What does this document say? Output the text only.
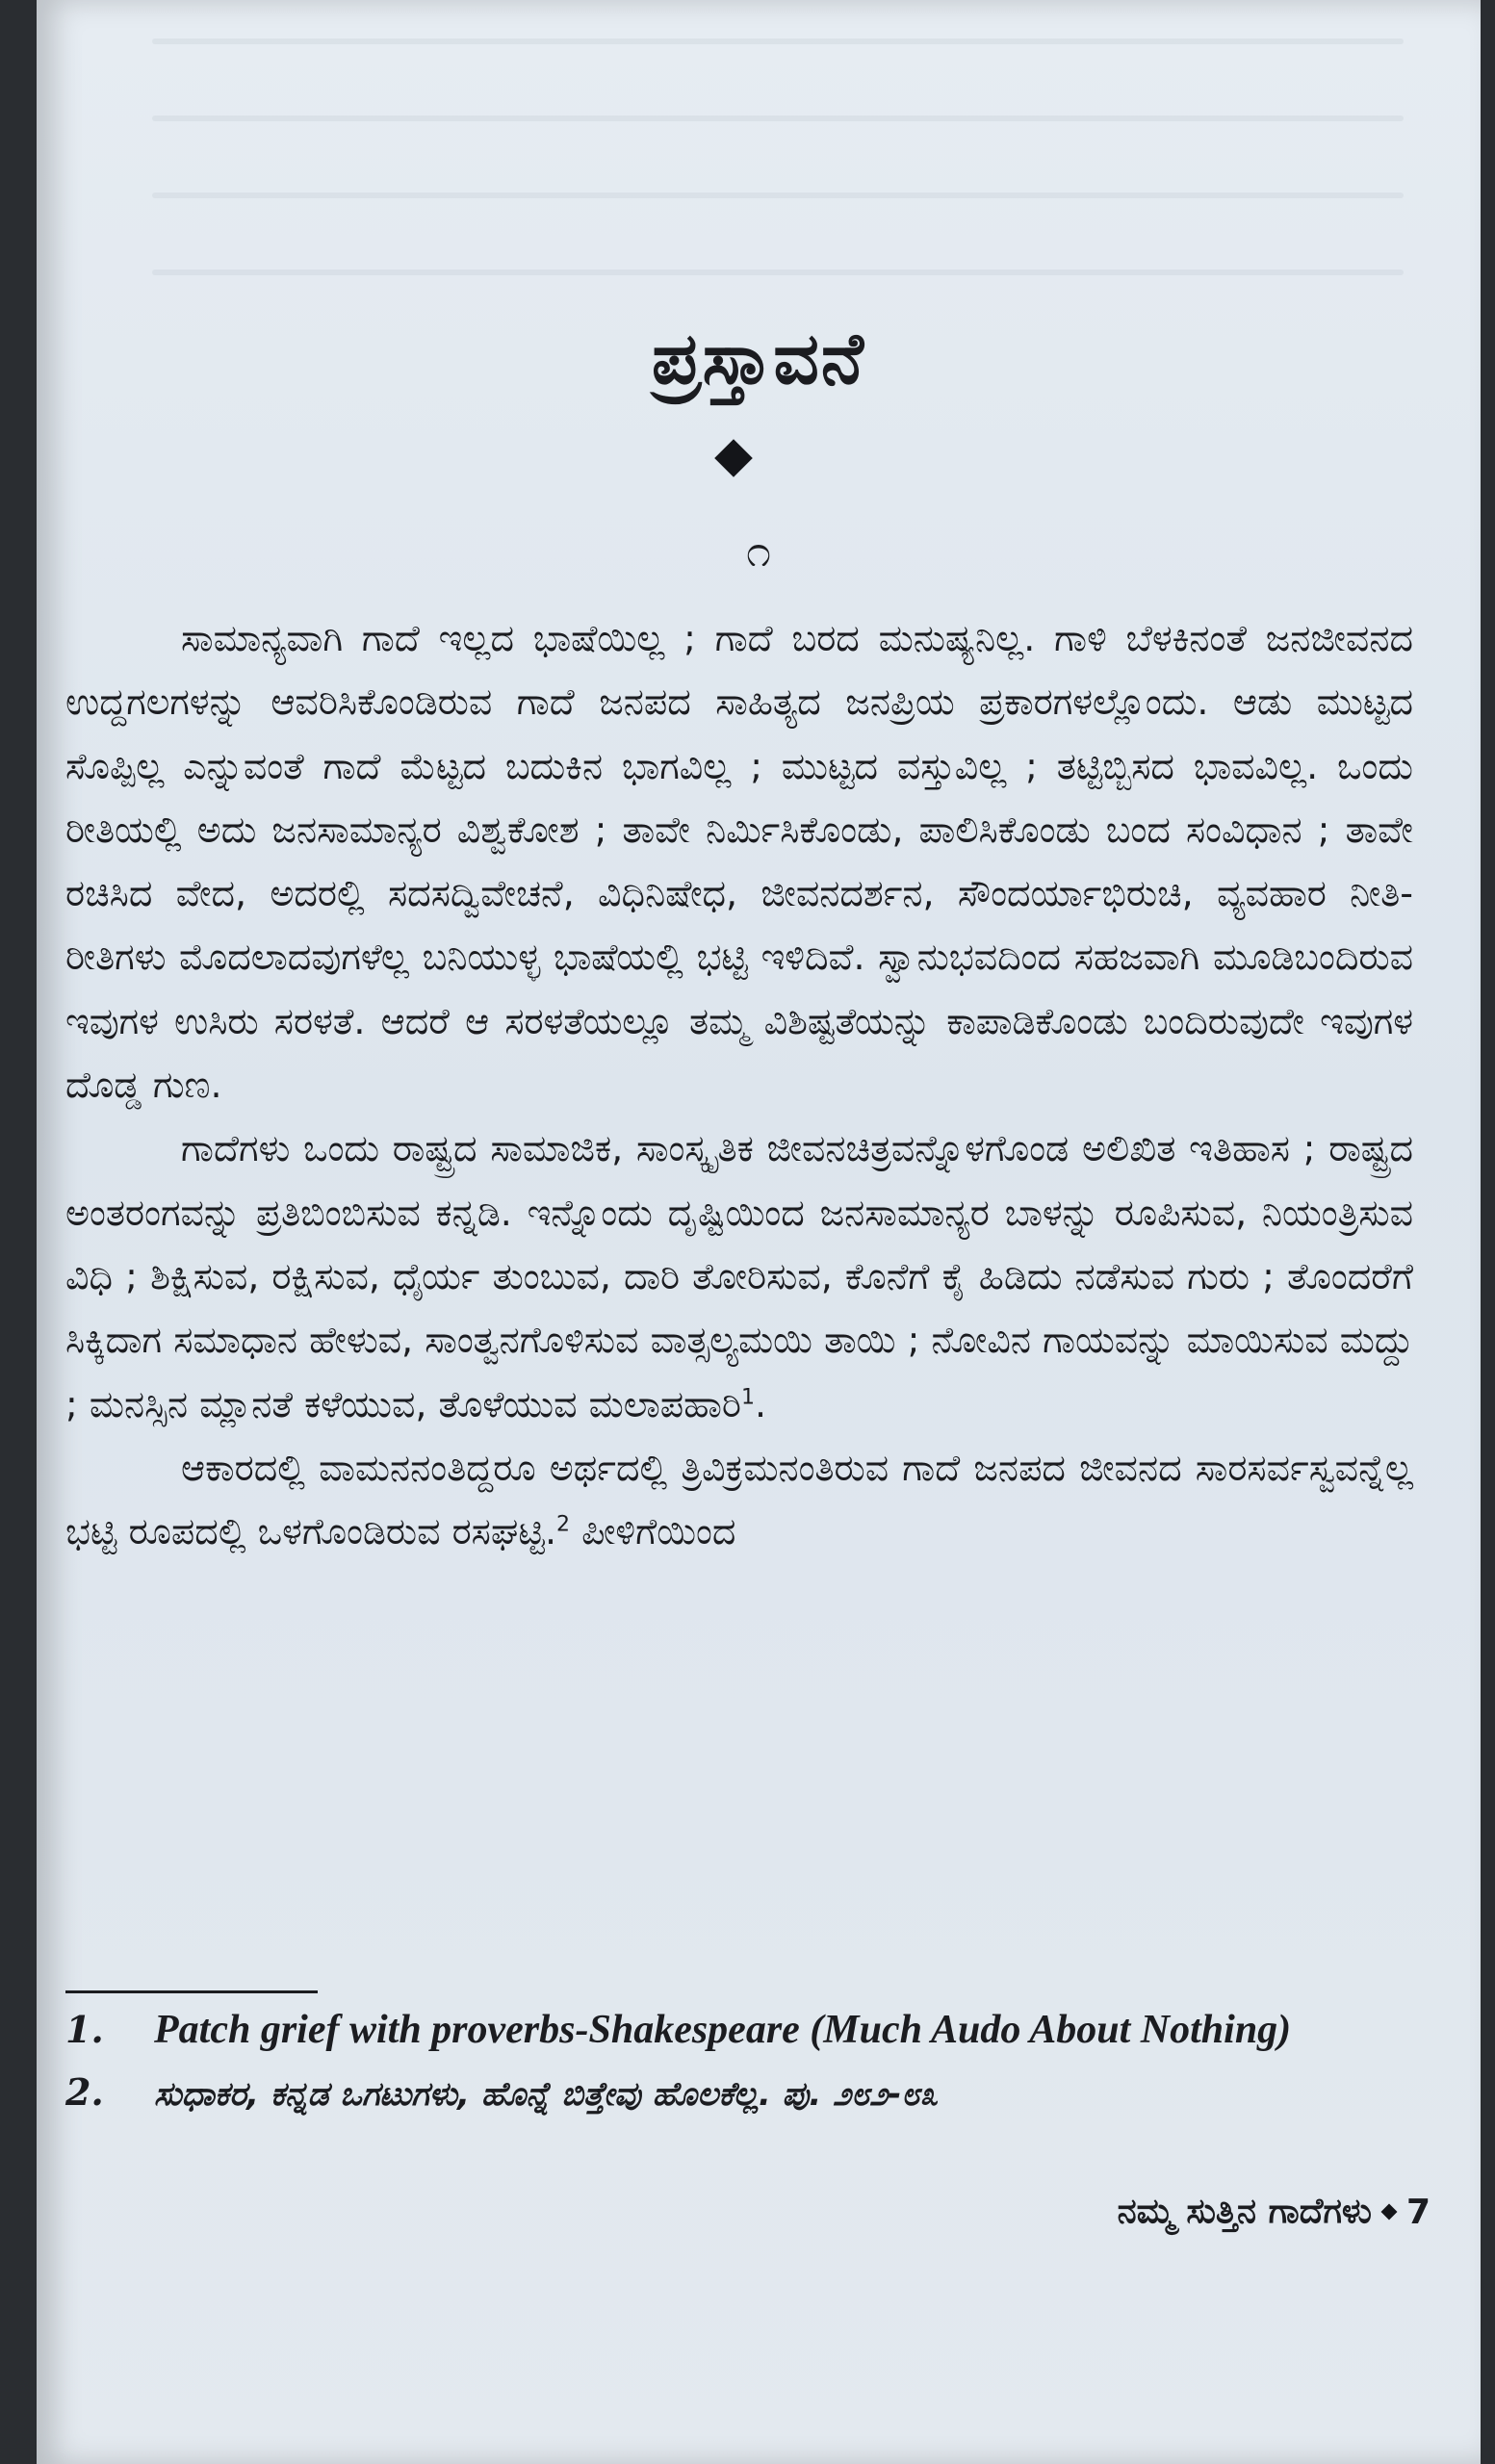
ಪ್ರಸ್ತಾವನೆ
೧

ಸಾಮಾನ್ಯವಾಗಿ ಗಾದೆ ಇಲ್ಲದ ಭಾಷೆಯಿಲ್ಲ ; ಗಾದೆ ಬರದ ಮನುಷ್ಯನಿಲ್ಲ. ಗಾಳಿ ಬೆಳಕಿನಂತೆ ಜನಜೀವನದ ಉದ್ದಗಲಗಳನ್ನು ಆವರಿಸಿಕೊಂಡಿರುವ ಗಾದೆ ಜನಪದ ಸಾಹಿತ್ಯದ ಜನಪ್ರಿಯ ಪ್ರಕಾರಗಳಲ್ಲೊಂದು. ಆಡು ಮುಟ್ಟದ ಸೊಪ್ಪಿಲ್ಲ ಎನ್ನುವಂತೆ ಗಾದೆ ಮೆಟ್ಟದ ಬದುಕಿನ ಭಾಗವಿಲ್ಲ ; ಮುಟ್ಟದ ವಸ್ತುವಿಲ್ಲ ; ತಟ್ಟಿಬ್ಬಿಸದ ಭಾವವಿಲ್ಲ. ಒಂದು ರೀತಿಯಲ್ಲಿ ಅದು ಜನಸಾಮಾನ್ಯರ ವಿಶ್ವಕೋಶ ; ತಾವೇ ನಿರ್ಮಿಸಿಕೊಂಡು, ಪಾಲಿಸಿಕೊಂಡು ಬಂದ ಸಂವಿಧಾನ ; ತಾವೇ ರಚಿಸಿದ ವೇದ, ಅದರಲ್ಲಿ ಸದಸದ್ವಿವೇಚನೆ, ವಿಧಿನಿಷೇಧ, ಜೀವನದರ್ಶನ, ಸೌಂದರ್ಯಾಭಿರುಚಿ, ವ್ಯವಹಾರ ನೀತಿ-ರೀತಿಗಳು ಮೊದಲಾದವುಗಳೆಲ್ಲ ಬನಿಯುಳ್ಳ ಭಾಷೆಯಲ್ಲಿ ಭಟ್ಟಿ ಇಳಿದಿವೆ. ಸ್ವಾನುಭವದಿಂದ ಸಹಜವಾಗಿ ಮೂಡಿಬಂದಿರುವ ಇವುಗಳ ಉಸಿರು ಸರಳತೆ. ಆದರೆ ಆ ಸರಳತೆಯಲ್ಲೂ ತಮ್ಮ ವಿಶಿಷ್ಟತೆಯನ್ನು ಕಾಪಾಡಿಕೊಂಡು ಬಂದಿರುವುದೇ ಇವುಗಳ ದೊಡ್ಡ ಗುಣ.

ಗಾದೆಗಳು ಒಂದು ರಾಷ್ಟ್ರದ ಸಾಮಾಜಿಕ, ಸಾಂಸ್ಕೃತಿಕ ಜೀವನಚಿತ್ರವನ್ನೊಳಗೊಂಡ ಅಲಿಖಿತ ಇತಿಹಾಸ ; ರಾಷ್ಟ್ರದ ಅಂತರಂಗವನ್ನು ಪ್ರತಿಬಿಂಬಿಸುವ ಕನ್ನಡಿ. ಇನ್ನೊಂದು ದೃಷ್ಟಿಯಿಂದ ಜನಸಾಮಾನ್ಯರ ಬಾಳನ್ನು ರೂಪಿಸುವ, ನಿಯಂತ್ರಿಸುವ ವಿಧಿ ; ಶಿಕ್ಷಿಸುವ, ರಕ್ಷಿಸುವ, ಧೈರ್ಯ ತುಂಬುವ, ದಾರಿ ತೋರಿಸುವ, ಕೊನೆಗೆ ಕೈ ಹಿಡಿದು ನಡೆಸುವ ಗುರು ; ತೊಂದರೆಗೆ ಸಿಕ್ಕಿದಾಗ ಸಮಾಧಾನ ಹೇಳುವ, ಸಾಂತ್ವನಗೊಳಿಸುವ ವಾತ್ಸಲ್ಯಮಯಿ ತಾಯಿ ; ನೋವಿನ ಗಾಯವನ್ನು ಮಾಯಿಸುವ ಮದ್ದು ; ಮನಸ್ಸಿನ ಮ್ಲಾನತೆ ಕಳೆಯುವ, ತೊಳೆಯುವ ಮಲಾಪಹಾರಿ$^1$.

ಆಕಾರದಲ್ಲಿ ವಾಮನನಂತಿದ್ದರೂ ಅರ್ಥದಲ್ಲಿ ತ್ರಿವಿಕ್ರಮನಂತಿರುವ ಗಾದೆ ಜನಪದ ಜೀವನದ ಸಾರಸರ್ವಸ್ವವನ್ನೆಲ್ಲ ಭಟ್ಟಿ ರೂಪದಲ್ಲಿ ಒಳಗೊಂಡಿರುವ ರಸಘಟ್ಟಿ.$^2$ ಪೀಳಿಗೆಯಿಂದ

1.	Patch grief with proverbs-Shakespeare (Much Audo About Nothing)
2.	ಸುಧಾಕರ, ಕನ್ನಡ ಒಗಟುಗಳು, ಹೊನ್ನೆ ಬಿತ್ತೇವು ಹೊಲಕೆಲ್ಲ. ಪು. ೨೮೨-೮೩
ನಮ್ಮ ಸುತ್ತಿನ ಗಾದೆಗಳು 7
